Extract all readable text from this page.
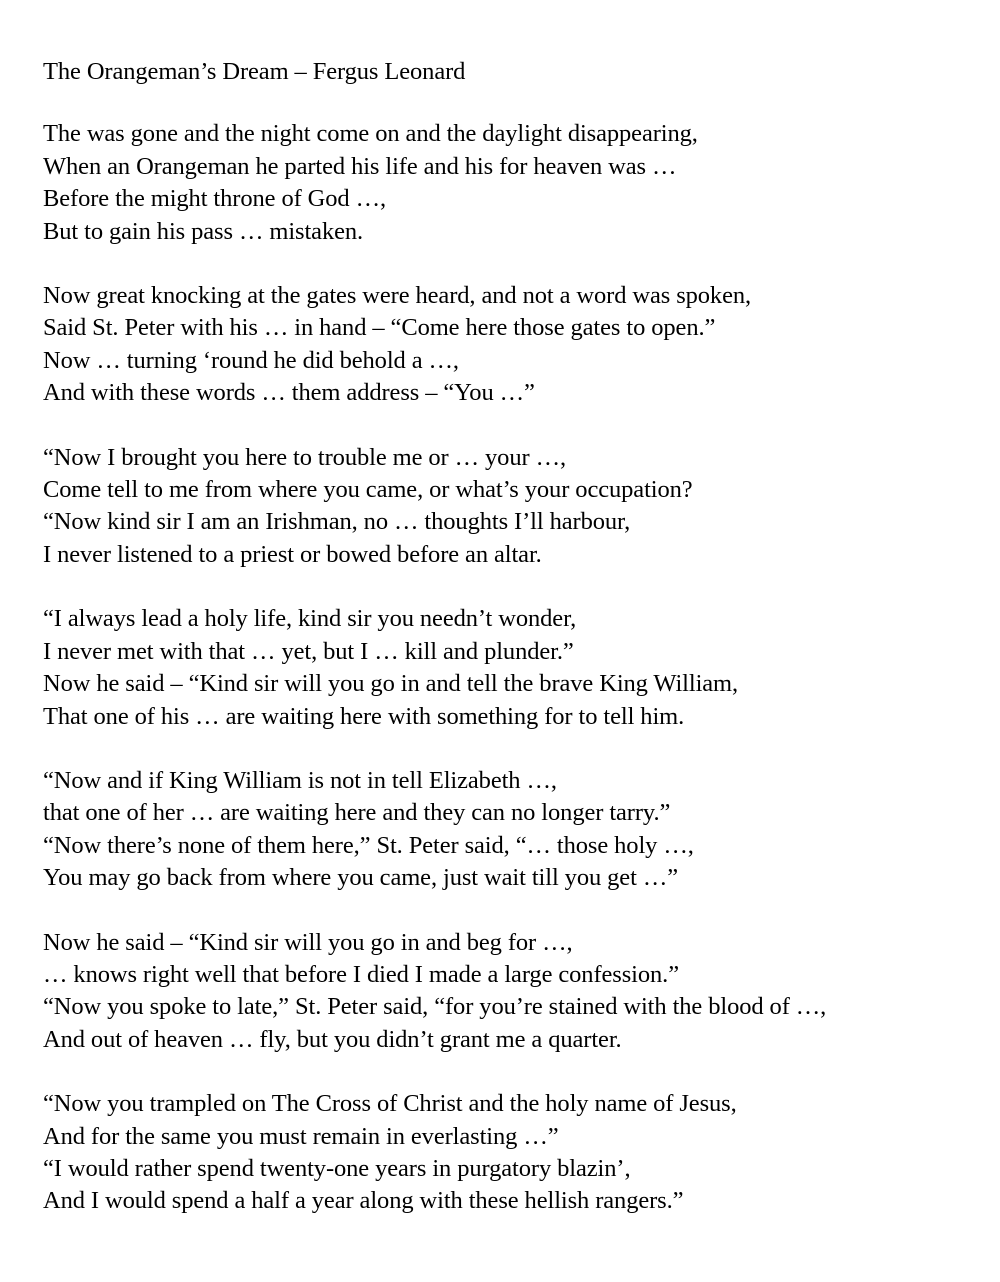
The Orangeman’s Dream – Fergus Leonard
The was gone and the night come on and the daylight disappearing,
When an Orangeman he parted his life and his for heaven was …
Before the might throne of God …,
But to gain his pass … mistaken.
Now great knocking at the gates were heard, and not a word was spoken,
Said St. Peter with his … in hand – “Come here those gates to open.”
Now … turning ‘round he did behold a …,
And with these words … them address – “You …”
“Now I brought you here to trouble me or … your …,
Come tell to me from where you came, or what’s your occupation?
“Now kind sir I am an Irishman, no … thoughts I’ll harbour,
I never listened to a priest or bowed before an altar.
“I always lead a holy life, kind sir you needn’t wonder,
I never met with that … yet, but I … kill and plunder.”
Now he said – “Kind sir will you go in and tell the brave King William,
That one of his … are waiting here with something for to tell him.
“Now and if King William is not in tell Elizabeth …,
that one of her … are waiting here and they can no longer tarry.”
“Now there’s none of them here,” St. Peter said, “… those holy …,
You may go back from where you came, just wait till you get …”
Now he said – “Kind sir will you go in and beg for …,
… knows right well that before I died I made a large confession.”
“Now you spoke to late,” St. Peter said, “for you’re stained with the blood of …,
And out of heaven … fly, but you didn’t grant me a quarter.
“Now you trampled on The Cross of Christ and the holy name of Jesus,
And for the same you must remain in everlasting …”
“I would rather spend twenty-one years in purgatory blazin’,
And I would spend a half a year along with these hellish rangers.”
